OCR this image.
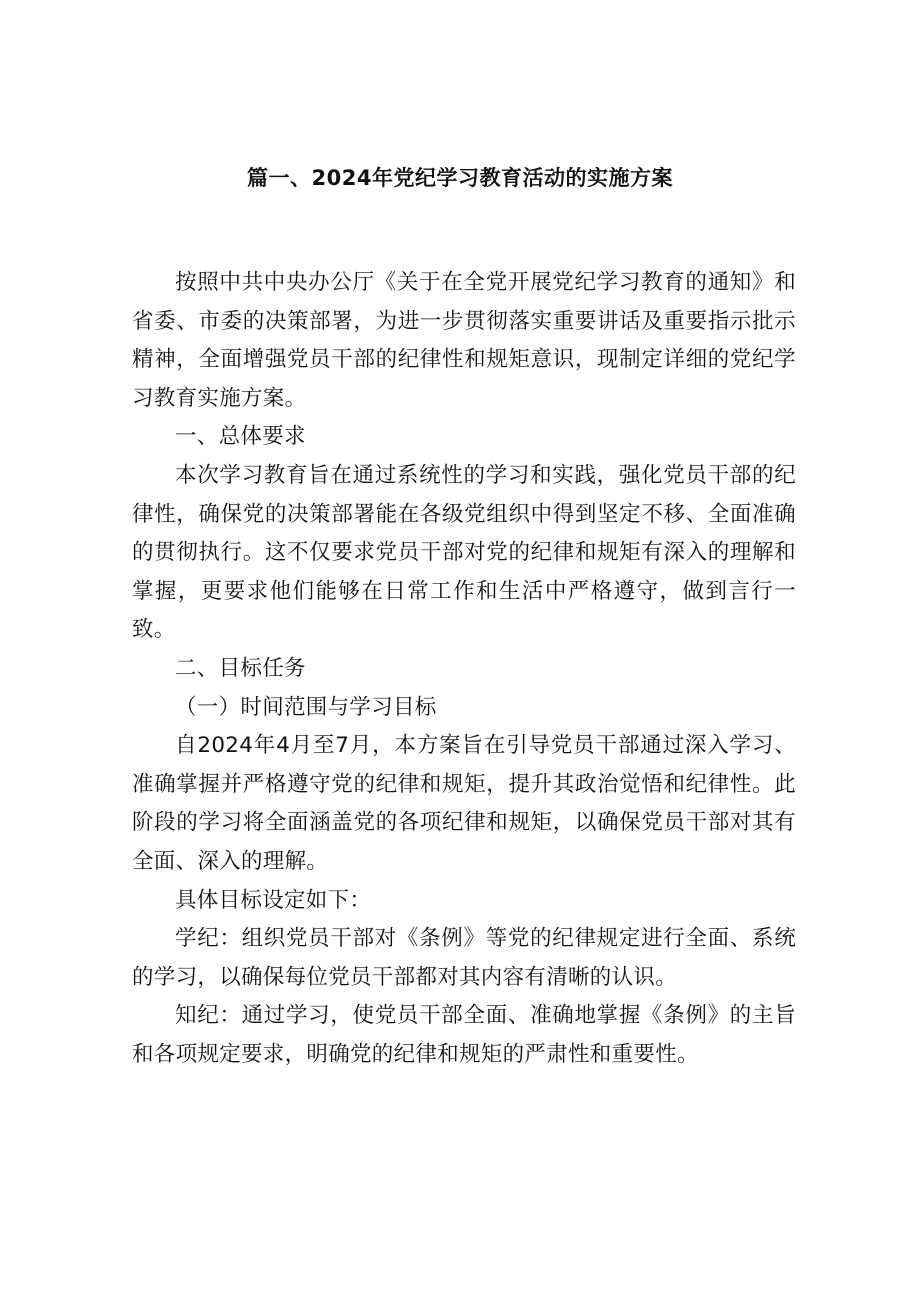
篇一、2024年党纪学习教育活动的实施方案

按照中共中央办公厅《关于在全党开展党纪学习教育的通知》和省委、市委的决策部署，为进一步贯彻落实重要讲话及重要指示批示精神，全面增强党员干部的纪律性和规矩意识，现制定详细的党纪学习教育实施方案。

一、总体要求

本次学习教育旨在通过系统性的学习和实践，强化党员干部的纪律性，确保党的决策部署能在各级党组织中得到坚定不移、全面准确的贯彻执行。这不仅要求党员干部对党的纪律和规矩有深入的理解和掌握，更要求他们能够在日常工作和生活中严格遵守，做到言行一致。

二、目标任务

（一）时间范围与学习目标

自2024年4月至7月，本方案旨在引导党员干部通过深入学习、准确掌握并严格遵守党的纪律和规矩，提升其政治觉悟和纪律性。此阶段的学习将全面涵盖党的各项纪律和规矩，以确保党员干部对其有全面、深入的理解。

具体目标设定如下：

学纪：组织党员干部对《条例》等党的纪律规定进行全面、系统的学习，以确保每位党员干部都对其内容有清晰的认识。

知纪：通过学习，使党员干部全面、准确地掌握《条例》的主旨和各项规定要求，明确党的纪律和规矩的严肃性和重要性。
